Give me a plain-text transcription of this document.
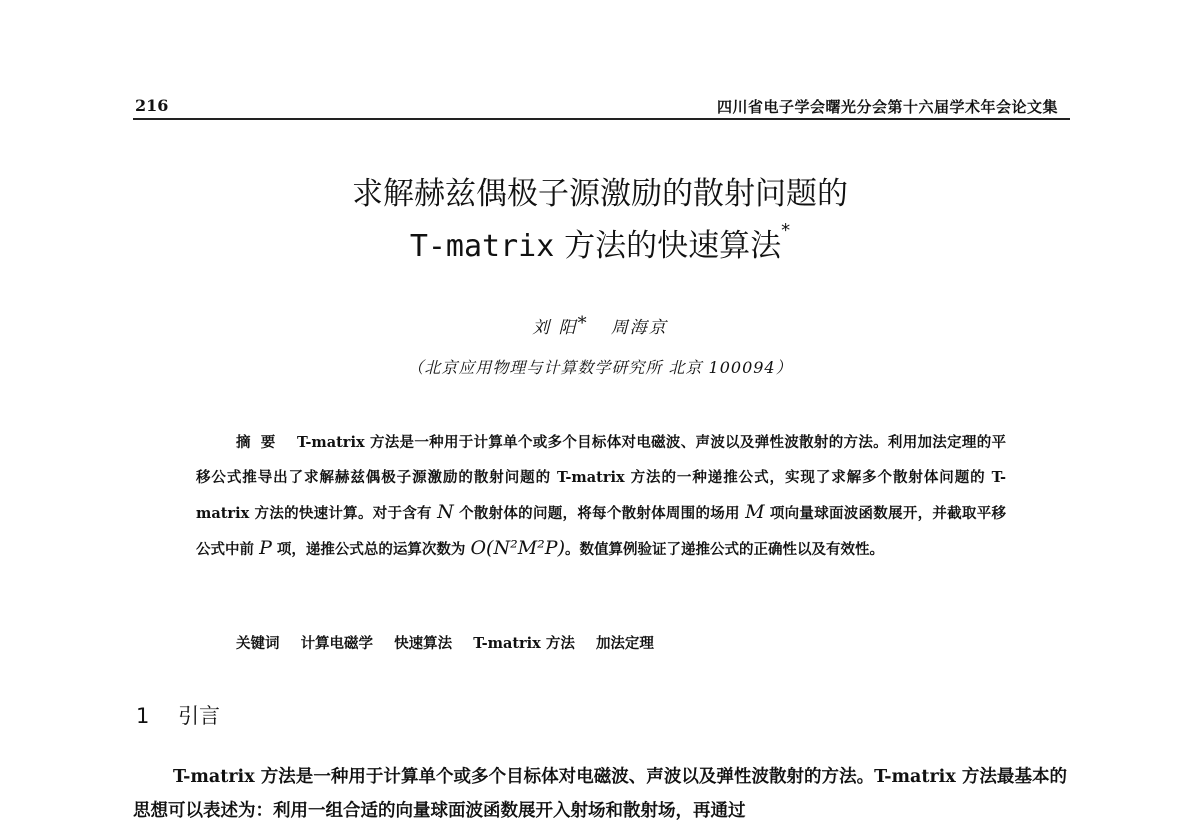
216	四川省电子学会曙光分会第十六届学术年会论文集
求解赫兹偶极子源激励的散射问题的
T-matrix 方法的快速算法*
刘 阳* 周海京
（北京应用物理与计算数学研究所 北京 100094）

摘要 T-matrix 方法是一种用于计算单个或多个目标体对电磁波、声波以及弹性波散射的方法。利用加法定理的平移公式推导出了求解赫兹偶极子源激励的散射问题的 T-matrix 方法的一种递推公式，实现了求解多个散射体问题的 T-matrix 方法的快速计算。对于含有 N 个散射体的问题，将每个散射体周围的场用 M 项向量球面波函数展开，并截取平移公式中前 P 项，递推公式总的运算次数为 O(N²M²P)。数值算例验证了递推公式的正确性以及有效性。

关键词 计算电磁学 快速算法 T-matrix 方法 加法定理
1 引言

T-matrix 方法是一种用于计算单个或多个目标体对电磁波、声波以及弹性波散射的方法。T-matrix 方法最基本的思想可以表述为：利用一组合适的向量球面波函数展开入射场和散射场，再通过
